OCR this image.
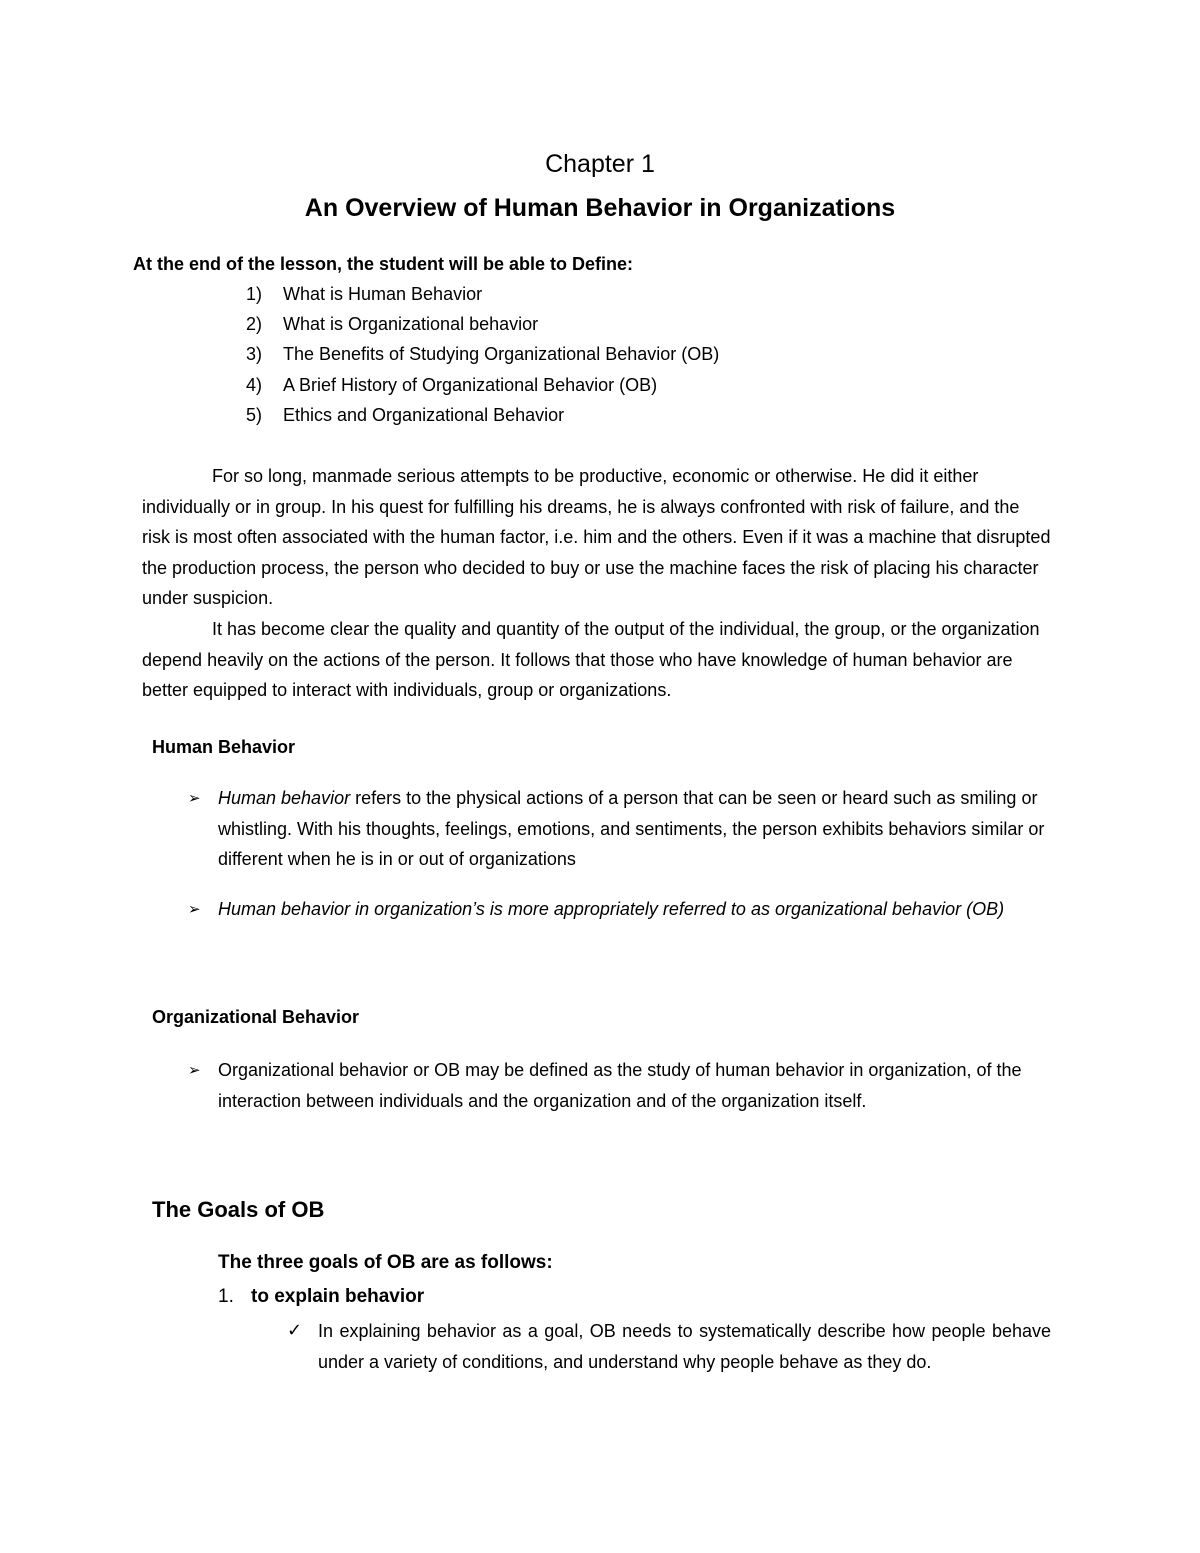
Chapter 1
An Overview of Human Behavior in Organizations
At the end of the lesson, the student will be able to Define:
1) What is Human Behavior
2) What is Organizational behavior
3) The Benefits of Studying Organizational Behavior (OB)
4) A Brief History of Organizational Behavior (OB)
5) Ethics and Organizational Behavior
For so long, manmade serious attempts to be productive, economic or otherwise. He did it either individually or in group. In his quest for fulfilling his dreams, he is always confronted with risk of failure, and the risk is most often associated with the human factor, i.e. him and the others. Even if it was a machine that disrupted the production process, the person who decided to buy or use the machine faces the risk of placing his character under suspicion.
It has become clear the quality and quantity of the output of the individual, the group, or the organization depend heavily on the actions of the person. It follows that those who have knowledge of human behavior are better equipped to interact with individuals, group or organizations.
Human Behavior
➢ Human behavior refers to the physical actions of a person that can be seen or heard such as smiling or whistling. With his thoughts, feelings, emotions, and sentiments, the person exhibits behaviors similar or different when he is in or out of organizations
➢ Human behavior in organization’s is more appropriately referred to as organizational behavior (OB)
Organizational Behavior
➢ Organizational behavior or OB may be defined as the study of human behavior in organization, of the interaction between individuals and the organization and of the organization itself.
The Goals of OB
The three goals of OB are as follows:
1. to explain behavior
✓ In explaining behavior as a goal, OB needs to systematically describe how people behave under a variety of conditions, and understand why people behave as they do.
